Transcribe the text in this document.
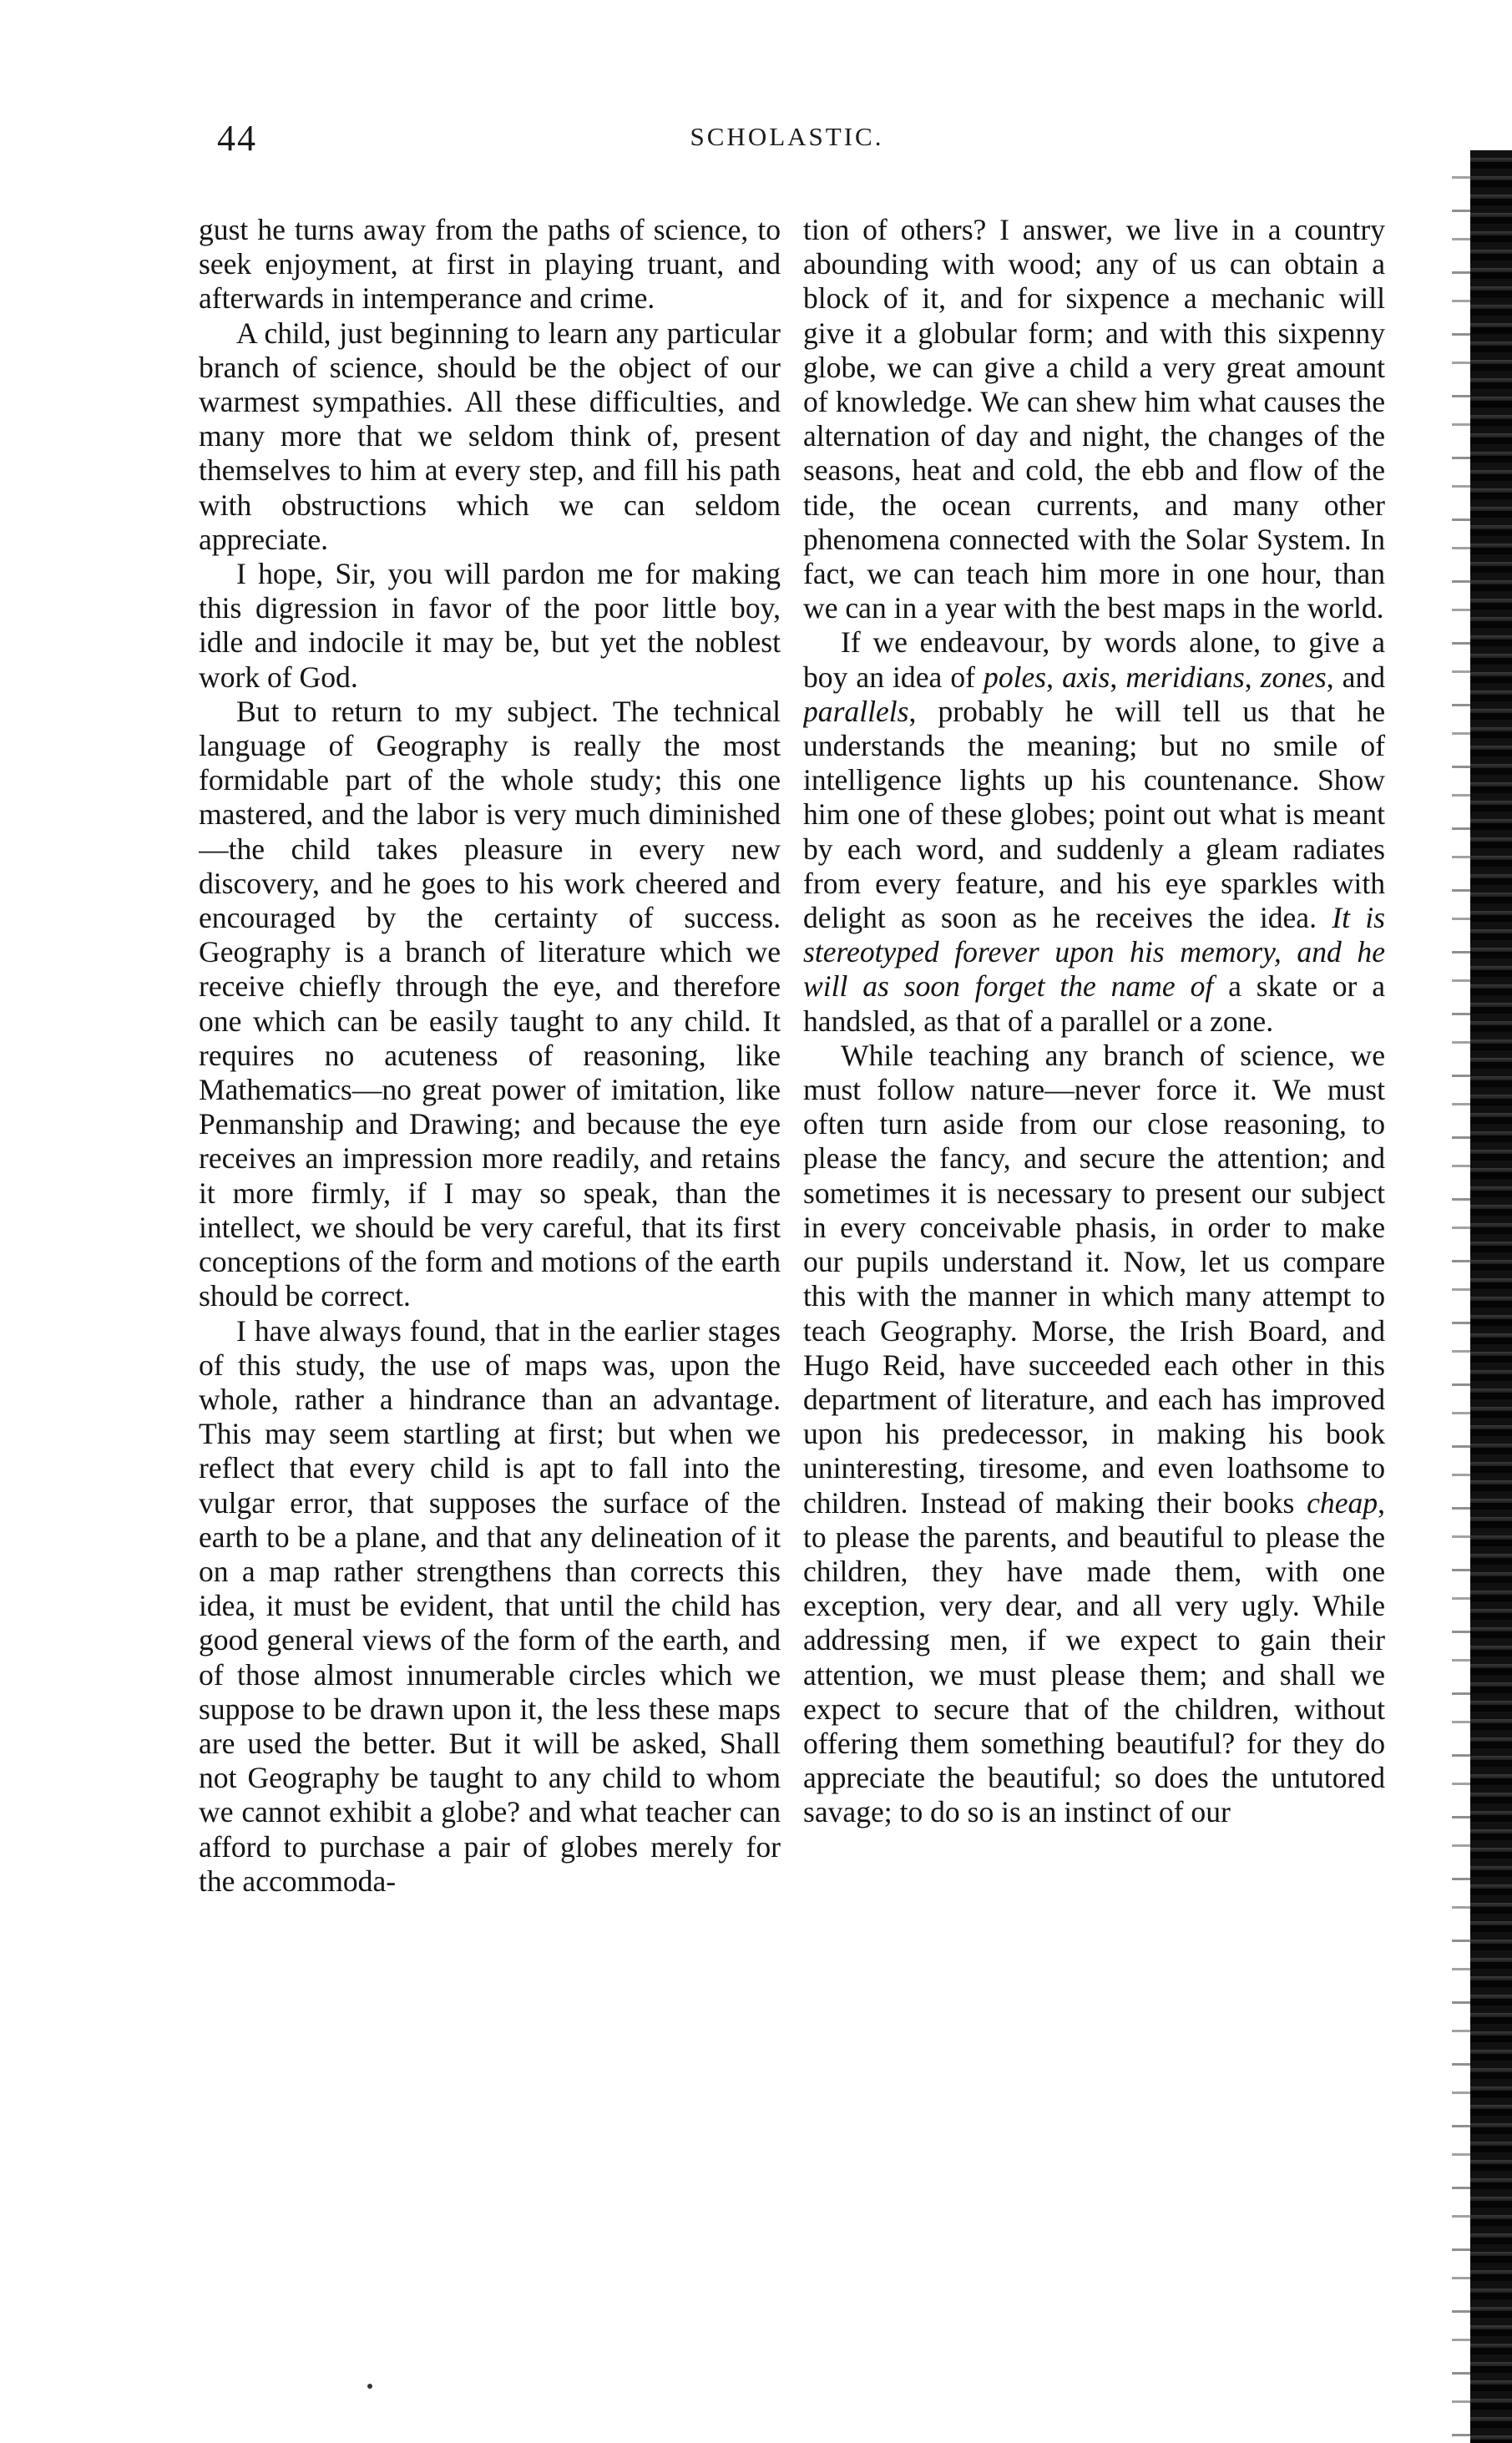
44	SCHOLASTIC.

gust he turns away from the paths of science, to seek enjoyment, at first in playing truant, and afterwards in intemperance and crime.

A child, just beginning to learn any particular branch of science, should be the object of our warmest sympathies. All these difficulties, and many more that we seldom think of, present themselves to him at every step, and fill his path with obstructions which we can seldom appreciate.

I hope, Sir, you will pardon me for making this digression in favor of the poor little boy, idle and indocile it may be, but yet the noblest work of God.

But to return to my subject. The technical language of Geography is really the most formidable part of the whole study; this one mastered, and the labor is very much diminished—the child takes pleasure in every new discovery, and he goes to his work cheered and encouraged by the certainty of success. Geography is a branch of literature which we receive chiefly through the eye, and therefore one which can be easily taught to any child. It requires no acuteness of reasoning, like Mathematics—no great power of imitation, like Penmanship and Drawing; and because the eye receives an impression more readily, and retains it more firmly, if I may so speak, than the intellect, we should be very careful, that its first conceptions of the form and motions of the earth should be correct.

I have always found, that in the earlier stages of this study, the use of maps was, upon the whole, rather a hindrance than an advantage. This may seem startling at first; but when we reflect that every child is apt to fall into the vulgar error, that supposes the surface of the earth to be a plane, and that any delineation of it on a map rather strengthens than corrects this idea, it must be evident, that until the child has good general views of the form of the earth, and of those almost innumerable circles which we suppose to be drawn upon it, the less these maps are used the better. But it will be asked, Shall not Geography be taught to any child to whom we cannot exhibit a globe? and what teacher can afford to purchase a pair of globes merely for the accommoda-

tion of others? I answer, we live in a country abounding with wood; any of us can obtain a block of it, and for sixpence a mechanic will give it a globular form; and with this sixpenny globe, we can give a child a very great amount of knowledge. We can shew him what causes the alternation of day and night, the changes of the seasons, heat and cold, the ebb and flow of the tide, the ocean currents, and many other phenomena connected with the Solar System. In fact, we can teach him more in one hour, than we can in a year with the best maps in the world.

If we endeavour, by words alone, to give a boy an idea of poles, axis, meridians, zones, and parallels, probably he will tell us that he understands the meaning; but no smile of intelligence lights up his countenance. Show him one of these globes; point out what is meant by each word, and suddenly a gleam radiates from every feature, and his eye sparkles with delight as soon as he receives the idea. It is stereotyped forever upon his memory, and he will as soon forget the name of a skate or a handsled, as that of a parallel or a zone.

While teaching any branch of science, we must follow nature—never force it. We must often turn aside from our close reasoning, to please the fancy, and secure the attention; and sometimes it is necessary to present our subject in every conceivable phasis, in order to make our pupils understand it. Now, let us compare this with the manner in which many attempt to teach Geography. Morse, the Irish Board, and Hugo Reid, have succeeded each other in this department of literature, and each has improved upon his predecessor, in making his book uninteresting, tiresome, and even loathsome to children. Instead of making their books cheap, to please the parents, and beautiful to please the children, they have made them, with one exception, very dear, and all very ugly. While addressing men, if we expect to gain their attention, we must please them; and shall we expect to secure that of the children, without offering them something beautiful? for they do appreciate the beautiful; so does the untutored savage; to do so is an instinct of our
